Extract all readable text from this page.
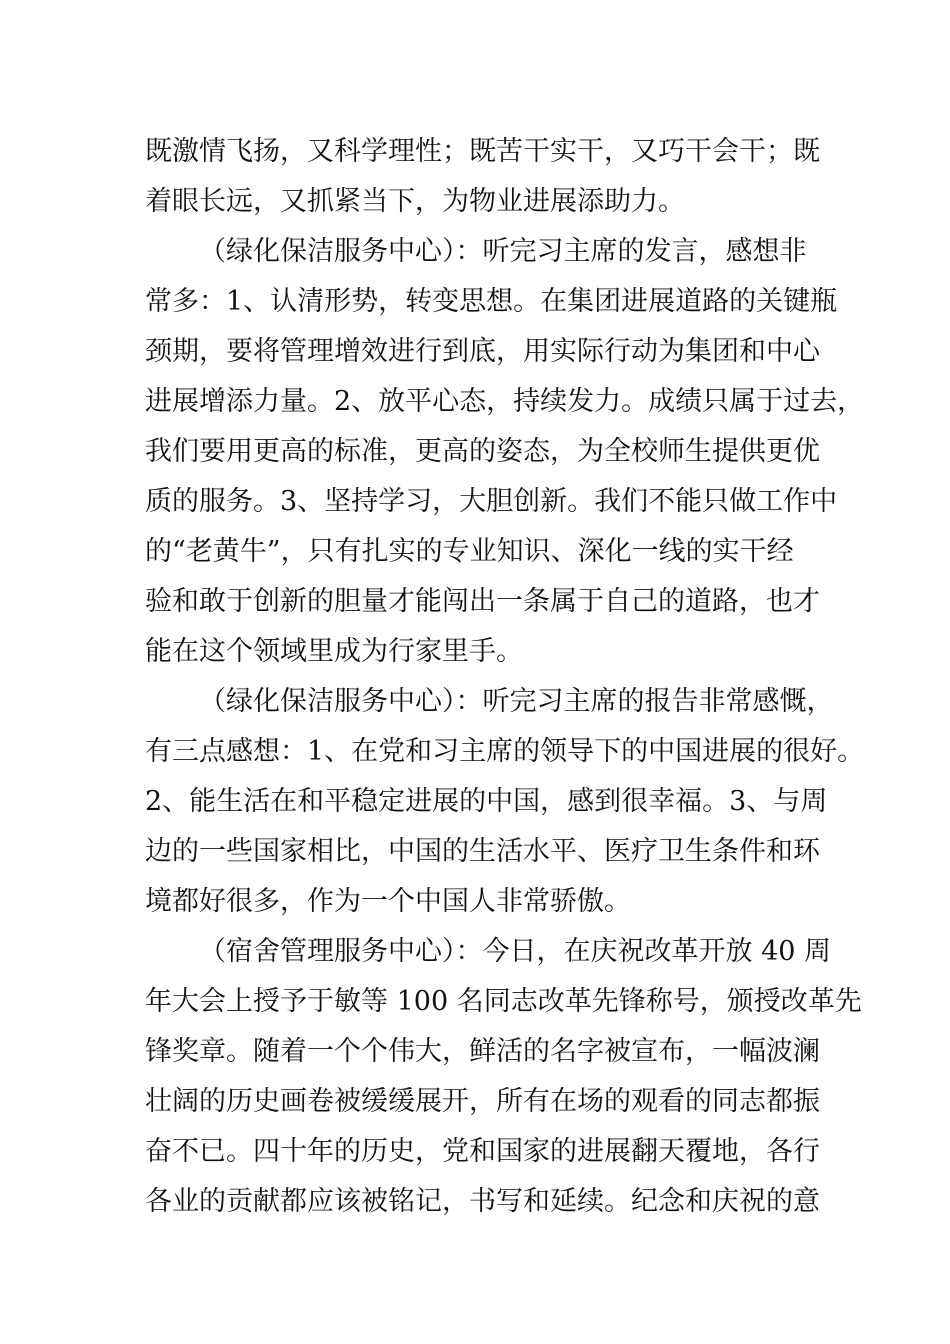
既激情飞扬，又科学理性；既苦干实干，又巧干会干；既
着眼长远，又抓紧当下，为物业进展添助力。
（绿化保洁服务中心）：听完习主席的发言，感想非
常多：1、认清形势，转变思想。在集团进展道路的关键瓶
颈期，要将管理增效进行到底，用实际行动为集团和中心
进展增添力量。2、放平心态，持续发力。成绩只属于过去，
我们要用更高的标准，更高的姿态，为全校师生提供更优
质的服务。3、坚持学习，大胆创新。我们不能只做工作中
的“老黄牛”，只有扎实的专业知识、深化一线的实干经
验和敢于创新的胆量才能闯出一条属于自己的道路，也才
能在这个领域里成为行家里手。
（绿化保洁服务中心）：听完习主席的报告非常感慨，
有三点感想：1、在党和习主席的领导下的中国进展的很好。
2、能生活在和平稳定进展的中国，感到很幸福。3、与周
边的一些国家相比，中国的生活水平、医疗卫生条件和环
境都好很多，作为一个中国人非常骄傲。
（宿舍管理服务中心）：今日，在庆祝改革开放 40 周
年大会上授予于敏等 100 名同志改革先锋称号，颁授改革先
锋奖章。随着一个个伟大，鲜活的名字被宣布，一幅波澜
壮阔的历史画卷被缓缓展开，所有在场的观看的同志都振
奋不已。四十年的历史，党和国家的进展翻天覆地，各行
各业的贡献都应该被铭记，书写和延续。纪念和庆祝的意
